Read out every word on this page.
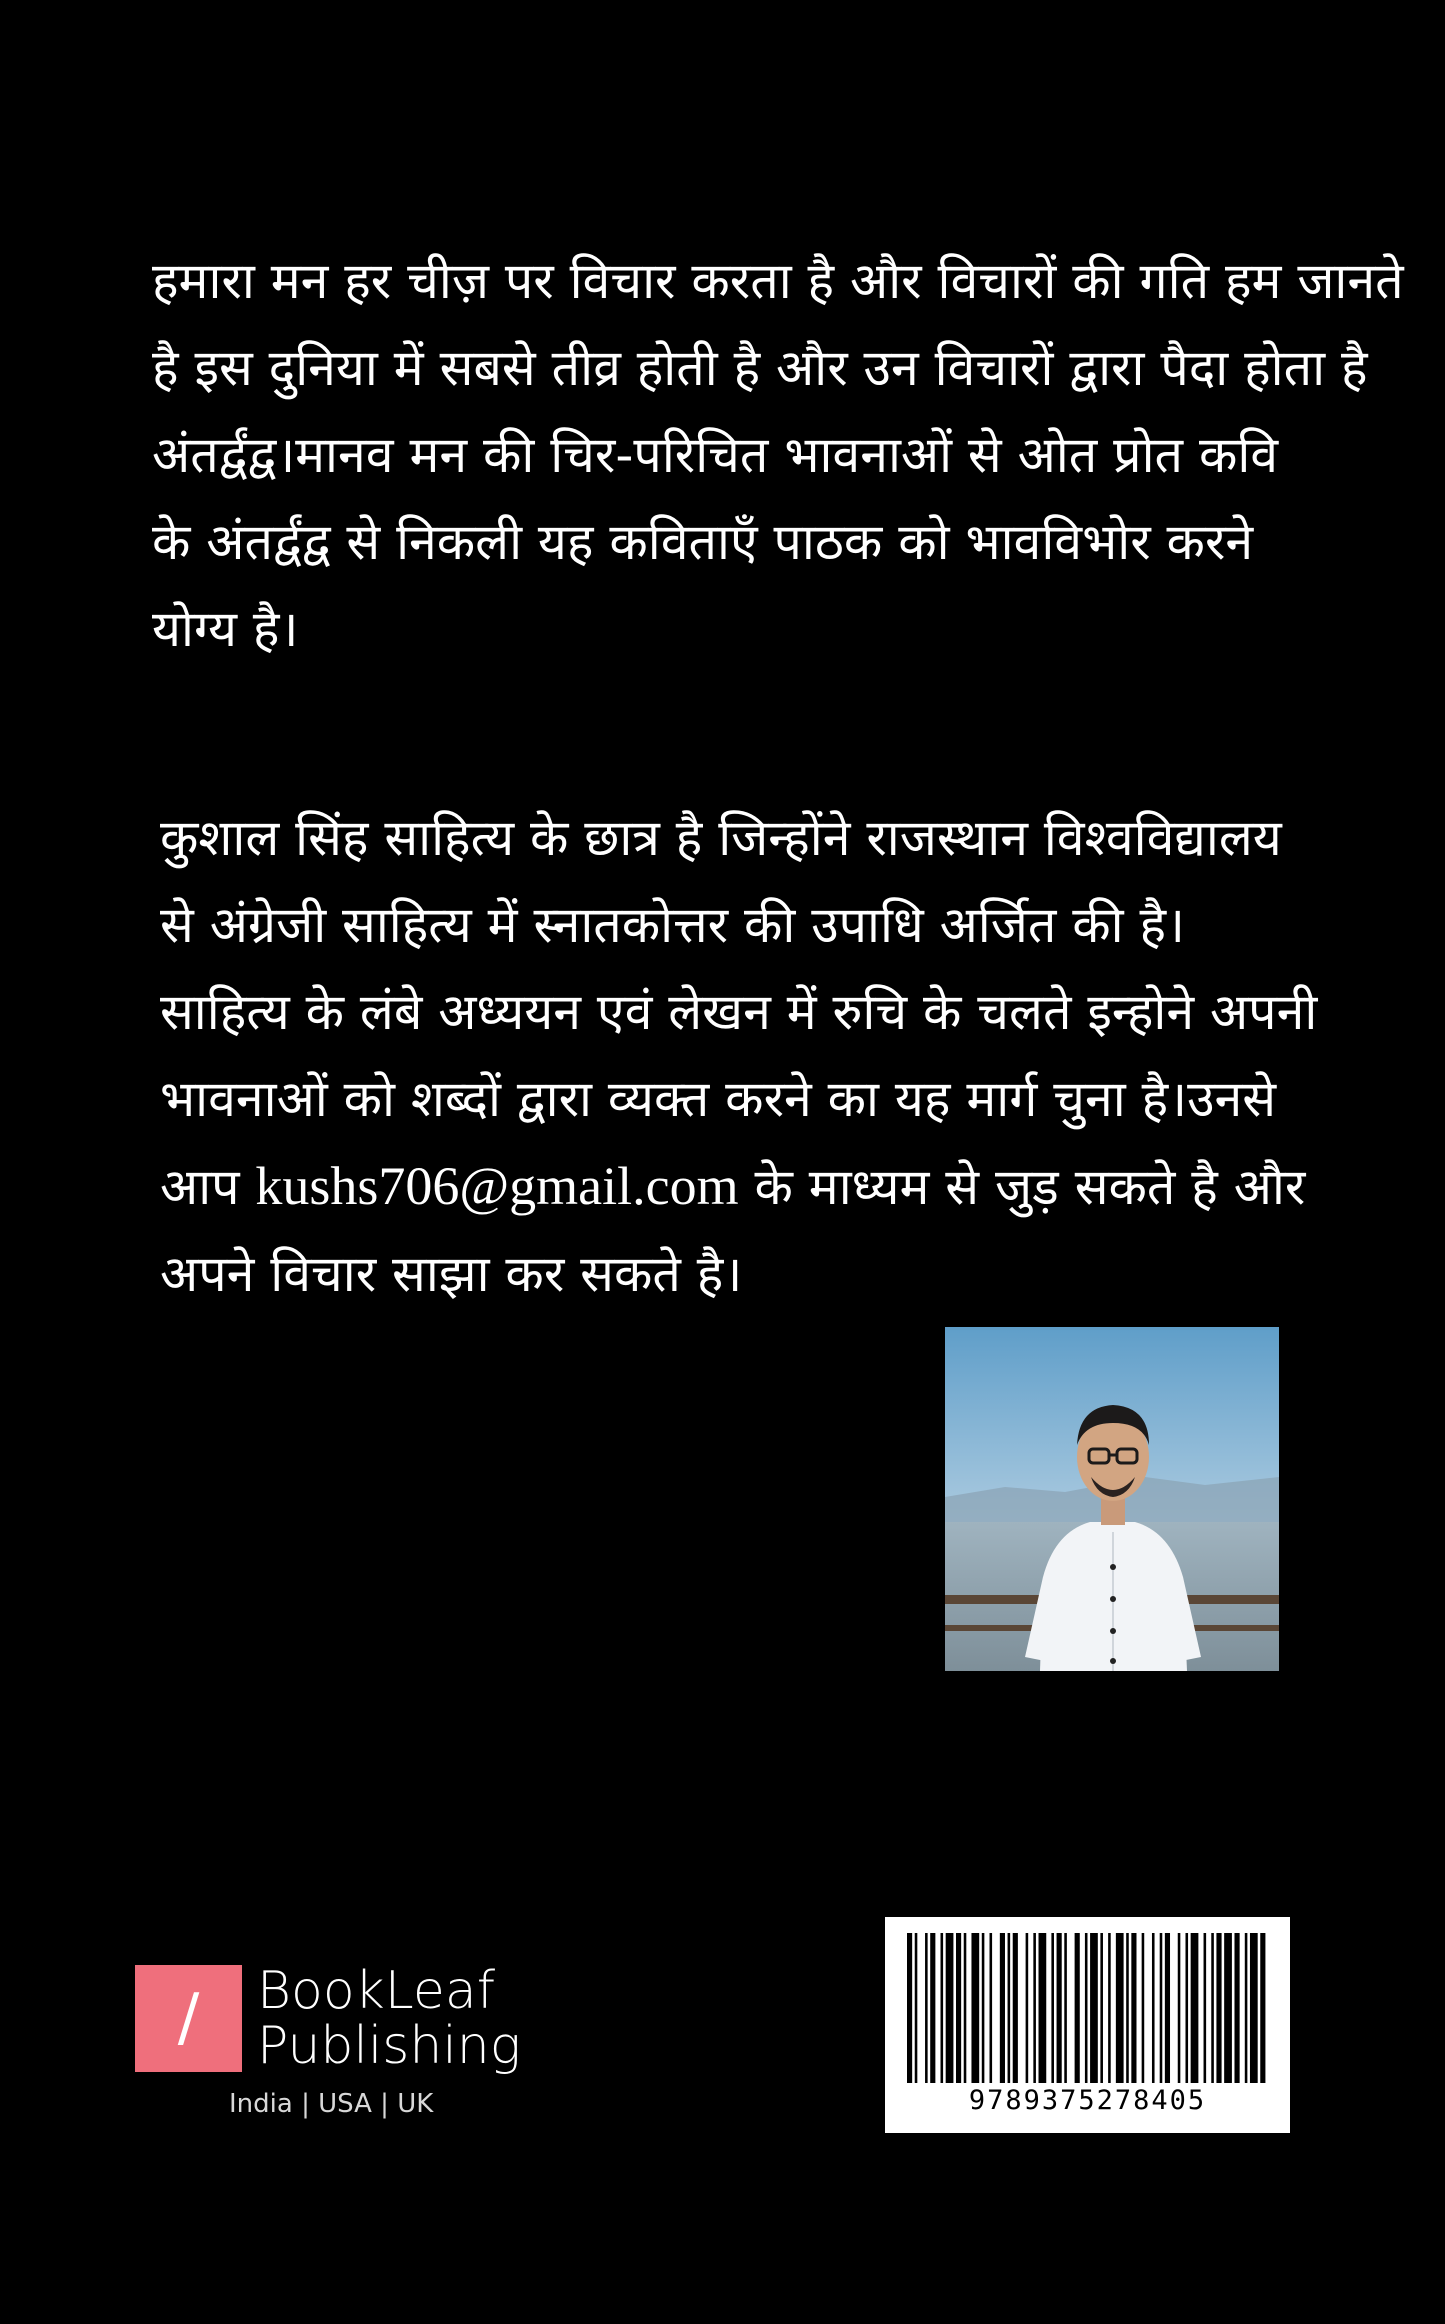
हमारा मन हर चीज़ पर विचार करता है और विचारों की गति हम जानते
है इस दुनिया में सबसे तीव्र होती है और उन विचारों द्वारा पैदा होता है
अंतर्द्वंद्व।मानव मन की चिर-परिचित भावनाओं से ओत प्रोत कवि
के अंतर्द्वंद्व से निकली यह कविताएँ पाठक को भावविभोर करने
योग्य है।
कुशाल सिंह साहित्य के छात्र है जिन्होंने राजस्थान विश्वविद्यालय
से अंग्रेजी साहित्य में स्नातकोत्तर की उपाधि अर्जित की है।
साहित्य के लंबे अध्ययन एवं लेखन में रुचि के चलते इन्होने अपनी
भावनाओं को शब्दों द्वारा व्यक्त करने का यह मार्ग चुना है।उनसे
आप kushs706@gmail.com के माध्यम से जुड़ सकते है और
अपने विचार साझा कर सकते है।
/	BookLeaf
Publishing
India | USA | UK	9789375278405
